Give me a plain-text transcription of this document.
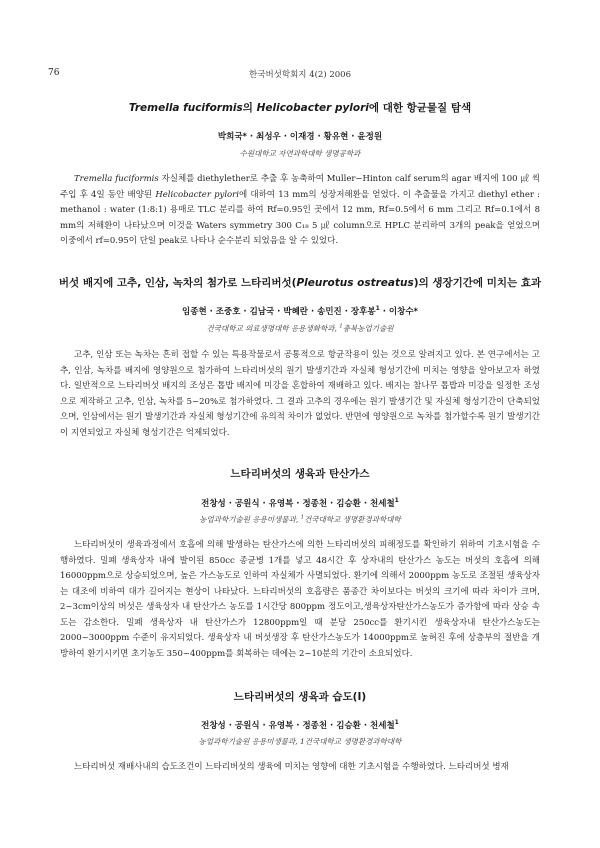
76	한국버섯학회지 4(2) 2006
Tremella fuciformis의 Helicobacter pylori에 대한 항균물질 탐색
박희국* · 최성우 · 이재경 · 황유현 · 윤정원
수원대학교 자연과학대학 생명공학과
Tremella fuciformis 자실체를 diethylether로 추출 후 농축하여 Muller−Hinton calf serum의 agar 배지에 100 ㎕ 씩 주입 후 4일 동안 배양된 Helicobacter pylori에 대하여 13 mm의 성장저해환을 얻었다. 이 추출물을 가지고 diethyl ether : methanol : water (1:8:1) 용매로 TLC 분리를 하여 Rf=0.95인 곳에서 12 mm, Rf=0.5에서 6 mm 그리고 Rf=0.1에서 8 mm의 저해환이 나타났으며 이것을 Waters symmetry 300 C₁₈ 5 ㎕ column으로 HPLC 분리하여 3개의 peak을 얻었으며 이중에서 rf=0.95이 단일 peak로 나타나 순수분리 되었음을 알 수 있었다.
버섯 배지에 고추, 인삼, 녹차의 첨가로 느타리버섯(Pleurotus ostreatus)의 생장기간에 미치는 효과
임종현 · 조중호 · 김남국 · 박혜란 · 송민진 · 장후봉$^1$ · 이창수*
건국대학교 의료생명대학 응용생화학과, $^1$충북농업기술원
고추, 인삼 또는 녹차는 흔히 접할 수 있는 특용작물로서 공통적으로 항균작용이 있는 것으로 알려지고 있다. 본 연구에서는 고추, 인삼, 녹차를 배지에 영양원으로 첨가하여 느타리버섯의 원기 발생기간과 자실체 형성기간에 미치는 영향을 알아보고자 하였다. 일반적으로 느타리버섯 배지의 조성은 톱밥 배지에 미강을 혼합하여 재배하고 있다. 배지는 참나무 톱밥과 미강을 일정한 조성으로 제작하고 고추, 인삼, 녹차를 5~20%로 첨가하였다. 그 결과 고추의 경우에는 원기 발생기간 및 자실체 형성기간이 단축되었으며, 인삼에서는 원기 발생기간과 자실체 형성기간에 유의적 차이가 없었다. 반면에 영양원으로 녹차를 첨가할수록 원기 발생기간이 지연되었고 자실체 형성기간은 억제되었다.
느타리버섯의 생육과 탄산가스
전창성 · 공원식 · 유영복 · 정종천 · 김승환 · 천세철$^1$
농업과학기술원 응용미생물과, $^1$건국대학교 생명환경과학대학
느타리버섯이 생육과정에서 호흡에 의해 발생하는 탄산가스에 의한 느타리버섯의 피해정도를 확인하기 위하여 기초시험을 수행하였다. 밀폐 생육상자 내에 발이된 850cc 종균병 1개를 넣고 48시간 후 상자내의 탄산가스 농도는 버섯의 호흡에 의해 16000ppm으로 상승되었으며, 높은 가스농도로 인하여 자실체가 사멸되었다. 환기에 의해서 2000ppm 농도로 조절된 생육상자는 대조에 비하여 대가 길어지는 현상이 나타났다. 느타리버섯의 호흡량은 품종간 차이보다는 버섯의 크기에 따라 차이가 크며, 2~3cm이상의 버섯은 생육상자 내 탄산가스 농도를 1시간당 800ppm 정도이고,생육상자탄산가스농도가 증가함에 따라 상승 속도는 감소한다. 밀폐 생육상자 내 탄산가스가 12800ppm일 때 분당 250cc를 환기시킨 생육상자내 탄산가스농도는 2000~3000ppm 수준이 유지되었다. 생육상자 내 버섯생장 후 탄산가스농도가 14000ppm로 높혀진 후에 상층부의 절반을 개방하여 환기시키면 초기농도 350~400ppm를 회복하는 데에는 2~10분의 기간이 소요되었다.
느타리버섯의 생육과 습도(Ⅰ)
전창성 · 공원식 · 유영복 · 정종천 · 김승환 · 천세철$^1$
농업과학기술원 응용미생물과, 1건국대학교 생명환경과학대학
느타리버섯 재배사내의 습도조건이 느타리버섯의 생육에 미치는 영향에 대한 기초시험을 수행하였다. 느타리버섯 병재
